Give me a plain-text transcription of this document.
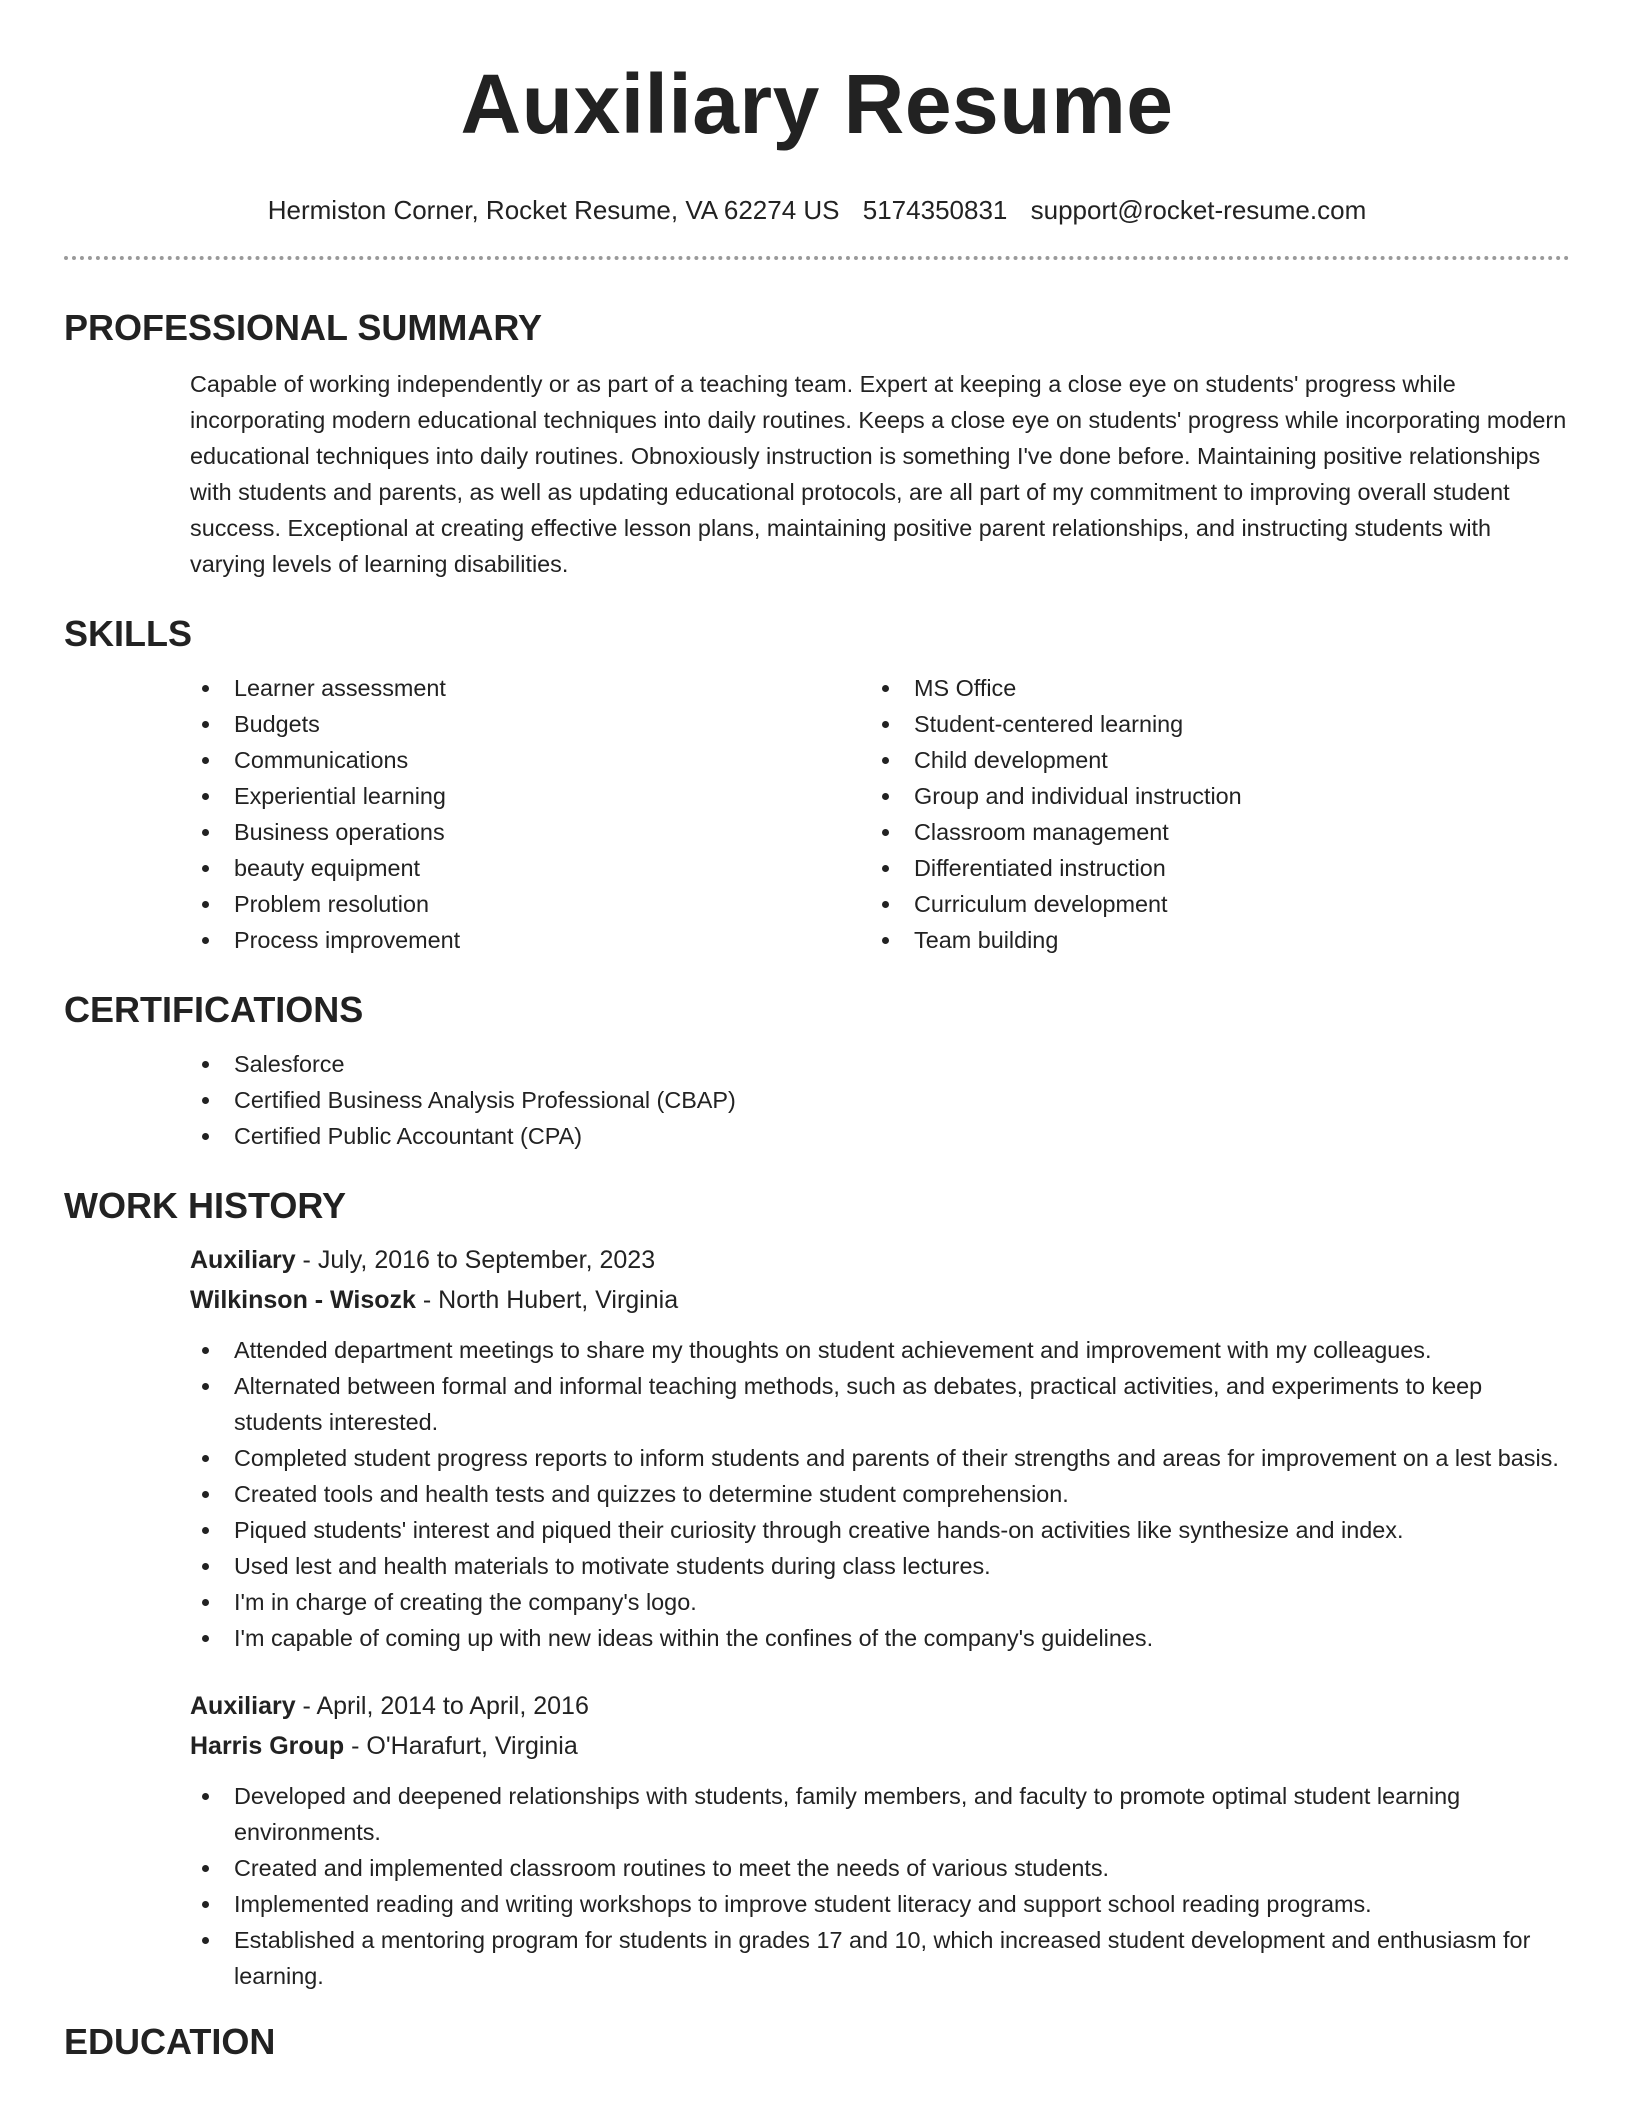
Auxiliary Resume
Hermiston Corner, Rocket Resume, VA 62274 US 5174350831 support@rocket-resume.com
PROFESSIONAL SUMMARY

Capable of working independently or as part of a teaching team. Expert at keeping a close eye on students' progress while incorporating modern educational techniques into daily routines. Keeps a close eye on students' progress while incorporating modern educational techniques into daily routines. Obnoxiously instruction is something I've done before. Maintaining positive relationships with students and parents, as well as updating educational protocols, are all part of my commitment to improving overall student success. Exceptional at creating effective lesson plans, maintaining positive parent relationships, and instructing students with varying levels of learning disabilities.

SKILLS
Learner assessment
Budgets
Communications
Experiential learning
Business operations
beauty equipment
Problem resolution
Process improvement
MS Office
Student-centered learning
Child development
Group and individual instruction
Classroom management
Differentiated instruction
Curriculum development
Team building
CERTIFICATIONS
Salesforce
Certified Business Analysis Professional (CBAP)
Certified Public Accountant (CPA)
WORK HISTORY
Auxiliary - July, 2016 to September, 2023
Wilkinson - Wisozk - North Hubert, Virginia
Attended department meetings to share my thoughts on student achievement and improvement with my colleagues.
Alternated between formal and informal teaching methods, such as debates, practical activities, and experiments to keep students interested.
Completed student progress reports to inform students and parents of their strengths and areas for improvement on a lest basis.
Created tools and health tests and quizzes to determine student comprehension.
Piqued students' interest and piqued their curiosity through creative hands-on activities like synthesize and index.
Used lest and health materials to motivate students during class lectures.
I'm in charge of creating the company's logo.
I'm capable of coming up with new ideas within the confines of the company's guidelines.
Auxiliary - April, 2014 to April, 2016
Harris Group - O'Harafurt, Virginia
Developed and deepened relationships with students, family members, and faculty to promote optimal student learning environments.
Created and implemented classroom routines to meet the needs of various students.
Implemented reading and writing workshops to improve student literacy and support school reading programs.
Established a mentoring program for students in grades 17 and 10, which increased student development and enthusiasm for learning.
EDUCATION
